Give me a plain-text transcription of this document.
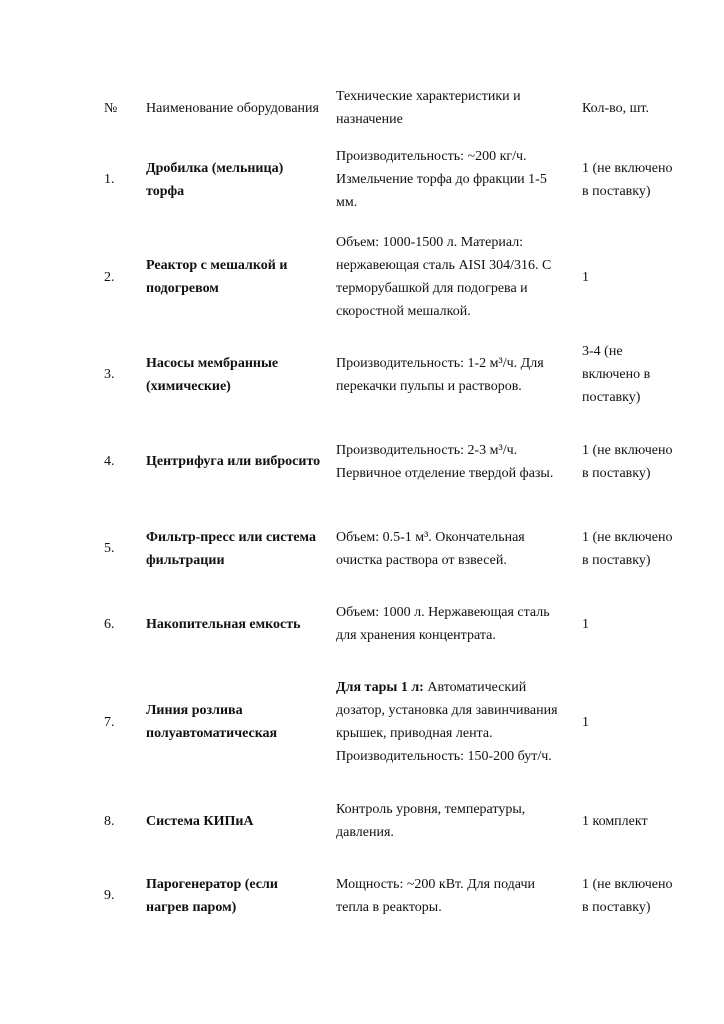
№ Наименование оборудования
Технические характеристики и назначение
Кол-во, шт.
1.
Дробилка (мельница) торфа
Производительность: ~200 кг/ч. Измельчение торфа до фракции 1-5 мм.
1 (не включено в поставку)
2.
Реактор с мешалкой и подогревом
Объем: 1000-1500 л. Материал: нержавеющая сталь AISI 304/316. С терморубашкой для подогрева и скоростной мешалкой.
1
3.
Насосы мембранные (химические)
Производительность: 1-2 м³/ч. Для перекачки пульпы и растворов.
3-4 (не включено в поставку)
4. Центрифуга или вибросито
Производительность: 2-3 м³/ч. Первичное отделение твердой фазы.
1 (не включено в поставку)
5.
Фильтр-пресс или система фильтрации
Объем: 0.5-1 м³. Окончательная очистка раствора от взвесей.
1 (не включено в поставку)
6. Накопительная емкость
Объем: 1000 л. Нержавеющая сталь для хранения концентрата.
1
7.
Линия розлива полуавтоматическая
Для тары 1 л: Автоматический дозатор, установка для завинчивания крышек, приводная лента. Производительность: 150-200 бут/ч.
1
8. Система КИПиА
Контроль уровня, температуры, давления.
1 комплект
9.
Парогенератор (если нагрев паром)
Мощность: ~200 кВт. Для подачи тепла в реакторы.
1 (не включено в поставку)
